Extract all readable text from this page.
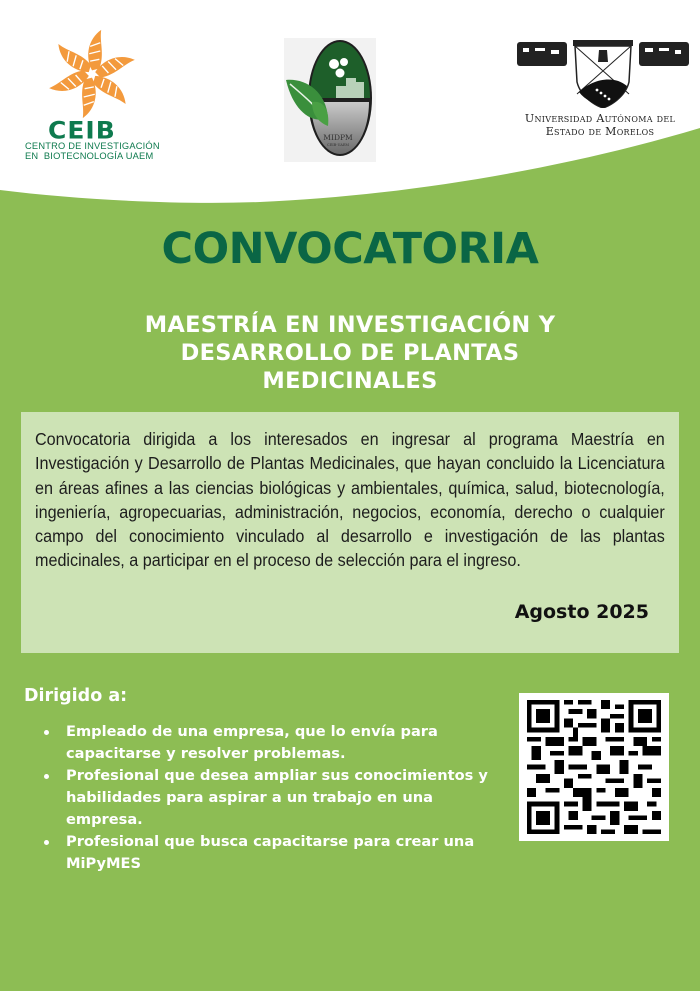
CEIB
CENTRO DE INVESTIGACIÓN
EN  BIOTECNOLOGÍA UAEM
MIDPM
CEIB-UAEM
Universidad Autónoma del
Estado de Morelos
CONVOCATORIA
MAESTRÍA EN INVESTIGACIÓN Y
DESARROLLO DE PLANTAS
MEDICINALES

Convocatoria dirigida a los interesados en ingresar al programa Maestría en Investigación y Desarrollo de Plantas Medicinales, que hayan concluido la Licenciatura en áreas afines a las ciencias biológicas y ambientales, química, salud, biotecnología, ingeniería, agropecuarias, administración, negocios, economía, derecho o cualquier campo del conocimiento vinculado al desarrollo e investigación de las plantas medicinales, a participar en el proceso de selección para el ingreso.

Agosto 2025
Dirigido a:
Empleado de una empresa, que lo envía para capacitarse y resolver problemas.
Profesional que desea ampliar sus conocimientos y habilidades para aspirar a un trabajo en una empresa.
Profesional que busca capacitarse para crear una MiPyMES
